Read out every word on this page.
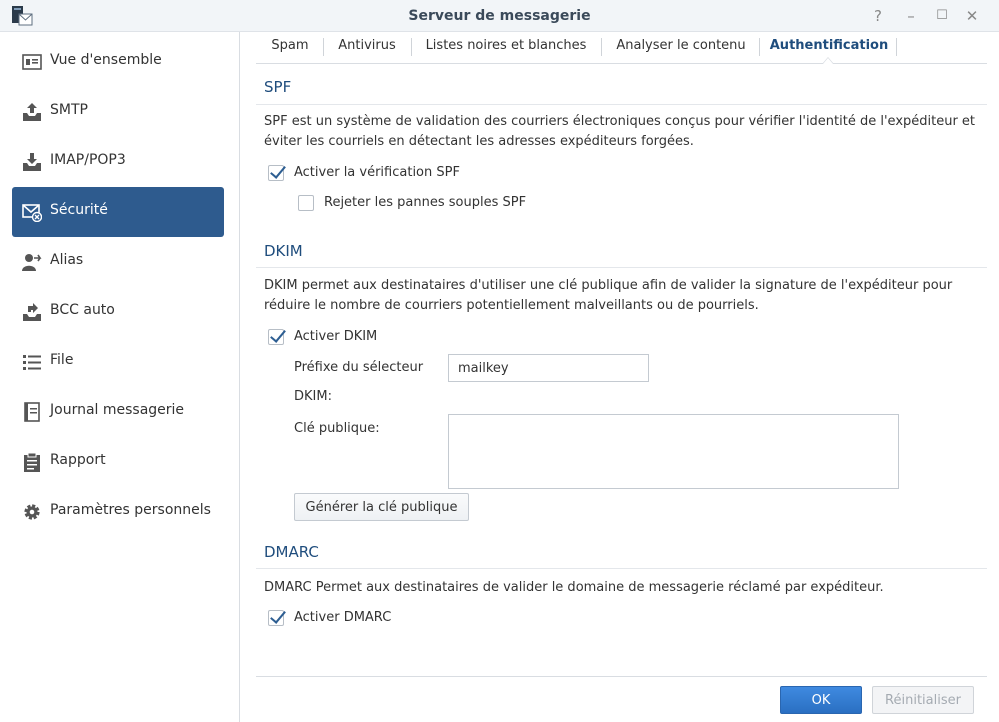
Serveur de messagerie	?	–	☐ ✕
Vue d'ensemble
SMTP
IMAP/POP3
Sécurité
Alias
BCC auto
File
Journal messagerie
Rapport
Paramètres personnels
Spam	Antivirus	Listes noires et blanches	Analyser le contenu	Authentification
SPF
SPF est un système de validation des courriers électroniques conçus pour vérifier l'identité de l'expéditeur et éviter les courriels en détectant les adresses expéditeurs forgées.
Activer la vérification SPF
Rejeter les pannes souples SPF
DKIM
DKIM permet aux destinataires d'utiliser une clé publique afin de valider la signature de l'expéditeur pour réduire le nombre de courriers potentiellement malveillants ou de pourriels.
Activer DKIM
Préfixe du sélecteur
DKIM:
mailkey
Clé publique:
Générer la clé publique
DMARC
DMARC Permet aux destinataires de valider le domaine de messagerie réclamé par expéditeur.
Activer DMARC
OK	Réinitialiser
